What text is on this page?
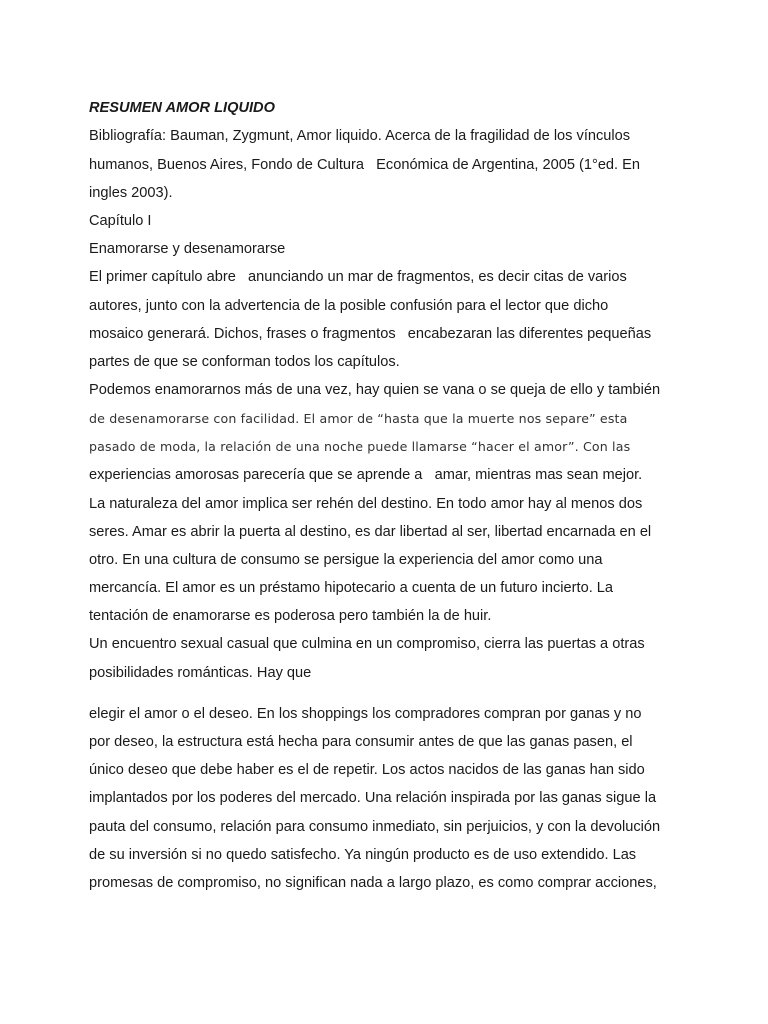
RESUMEN AMOR LIQUIDO
Bibliografía: Bauman, Zygmunt, Amor liquido. Acerca de la fragilidad de los vínculos
humanos, Buenos Aires, Fondo de Cultura   Económica de Argentina, 2005 (1°ed. En
ingles 2003).
Capítulo I
Enamorarse y desenamorarse
El primer capítulo abre   anunciando un mar de fragmentos, es decir citas de varios
autores, junto con la advertencia de la posible confusión para el lector que dicho
mosaico generará. Dichos, frases o fragmentos   encabezaran las diferentes pequeñas
partes de que se conforman todos los capítulos.
Podemos enamorarnos más de una vez, hay quien se vana o se queja de ello y también
de desenamorarse con facilidad. El amor de “hasta que la muerte nos separe” esta
pasado de moda, la relación de una noche puede llamarse “hacer el amor”. Con las
experiencias amorosas parecería que se aprende a   amar, mientras mas sean mejor.
La naturaleza del amor implica ser rehén del destino. En todo amor hay al menos dos
seres. Amar es abrir la puerta al destino, es dar libertad al ser, libertad encarnada en el
otro. En una cultura de consumo se persigue la experiencia del amor como una
mercancía. El amor es un préstamo hipotecario a cuenta de un futuro incierto. La
tentación de enamorarse es poderosa pero también la de huir.
Un encuentro sexual casual que culmina en un compromiso, cierra las puertas a otras
posibilidades románticas. Hay que
elegir el amor o el deseo. En los shoppings los compradores compran por ganas y no
por deseo, la estructura está hecha para consumir antes de que las ganas pasen, el
único deseo que debe haber es el de repetir. Los actos nacidos de las ganas han sido
implantados por los poderes del mercado. Una relación inspirada por las ganas sigue la
pauta del consumo, relación para consumo inmediato, sin perjuicios, y con la devolución
de su inversión si no quedo satisfecho. Ya ningún producto es de uso extendido. Las
promesas de compromiso, no significan nada a largo plazo, es como comprar acciones,
